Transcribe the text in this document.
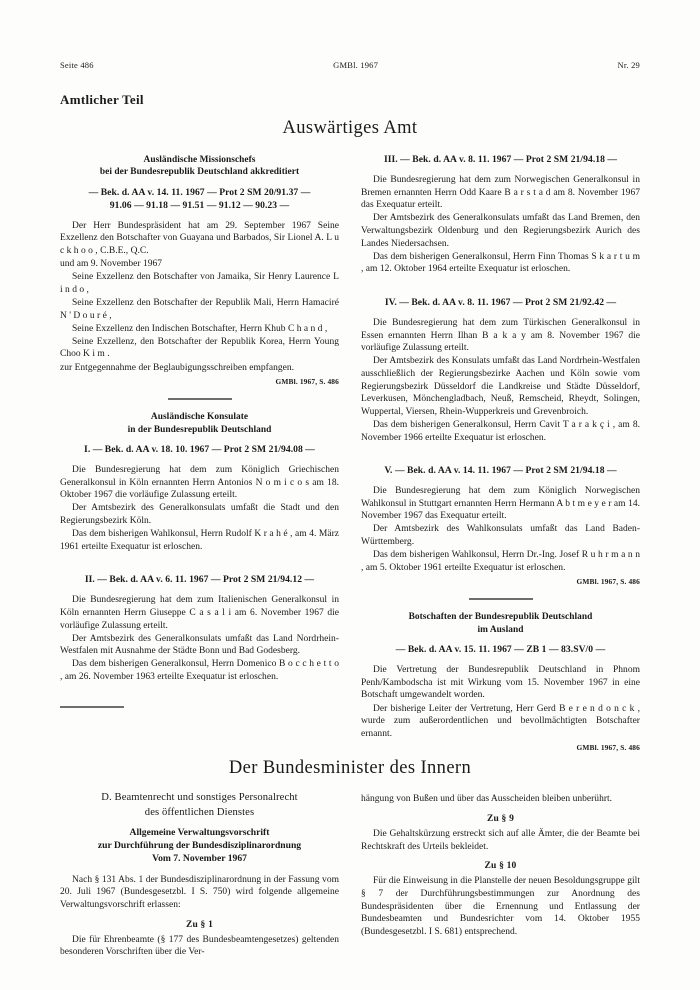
Seite 486	GMBl. 1967	Nr. 29
Amtlicher Teil
Auswärtiges Amt
Ausländische Missionschefs
bei der Bundesrepublik Deutschland akkreditiert
— Bek. d. AA v. 14. 11. 1967 — Prot 2 SM 20/91.37 —
91.06 — 91.18 — 91.51 — 91.12 — 90.23 —

Der Herr Bundespräsident hat am 29. September 1967 Seine Exzellenz den Botschafter von Guayana und Barbados, Sir Lionel A. L u c k h o o , C.B.E., Q.C.

und am 9. November 1967

Seine Exzellenz den Botschafter von Jamaika, Sir Henry Laurence L i n d o ,

Seine Exzellenz den Botschafter der Republik Mali, Herrn Hamaciré N ' D o u r é ,

Seine Exzellenz den Indischen Botschafter, Herrn Khub C h a n d ,

Seine Exzellenz, den Botschafter der Republik Korea, Herrn Young Choo K i m .

zur Entgegennahme der Beglaubigungsschreiben empfangen.

GMBl. 1967, S. 486
Ausländische Konsulate
in der Bundesrepublik Deutschland
I. — Bek. d. AA v. 18. 10. 1967 — Prot 2 SM 21/94.08 —

Die Bundesregierung hat dem zum Königlich Griechischen Generalkonsul in Köln ernannten Herrn Antonios N o m i c o s am 18. Oktober 1967 die vorläufige Zulassung erteilt.

Der Amtsbezirk des Generalkonsulats umfaßt die Stadt und den Regierungsbezirk Köln.

Das dem bisherigen Wahlkonsul, Herrn Rudolf K r a h é , am 4. März 1961 erteilte Exequatur ist erloschen.

II. — Bek. d. AA v. 6. 11. 1967 — Prot 2 SM 21/94.12 —

Die Bundesregierung hat dem zum Italienischen Generalkonsul in Köln ernannten Herrn Giuseppe C a s a l i am 6. November 1967 die vorläufige Zulassung erteilt.

Der Amtsbezirk des Generalkonsulats umfaßt das Land Nordrhein-Westfalen mit Ausnahme der Städte Bonn und Bad Godesberg.

Das dem bisherigen Generalkonsul, Herrn Domenico B o c c h e t t o , am 26. November 1963 erteilte Exequatur ist erloschen.

III. — Bek. d. AA v. 8. 11. 1967 — Prot 2 SM 21/94.18 —

Die Bundesregierung hat dem zum Norwegischen Generalkonsul in Bremen ernannten Herrn Odd Kaare B a r s t a d am 8. November 1967 das Exequatur erteilt.

Der Amtsbezirk des Generalkonsulats umfaßt das Land Bremen, den Verwaltungsbezirk Oldenburg und den Regierungsbezirk Aurich des Landes Niedersachsen.

Das dem bisherigen Generalkonsul, Herrn Finn Thomas S k a r t u m , am 12. Oktober 1964 erteilte Exequatur ist erloschen.

IV. — Bek. d. AA v. 8. 11. 1967 — Prot 2 SM 21/92.42 —

Die Bundesregierung hat dem zum Türkischen Generalkonsul in Essen ernannten Herrn Ilhan B a k a y am 8. November 1967 die vorläufige Zulassung erteilt.

Der Amtsbezirk des Konsulats umfaßt das Land Nordrhein-Westfalen ausschließlich der Regierungsbezirke Aachen und Köln sowie vom Regierungsbezirk Düsseldorf die Landkreise und Städte Düsseldorf, Leverkusen, Mönchengladbach, Neuß, Remscheid, Rheydt, Solingen, Wuppertal, Viersen, Rhein-Wupperkreis und Grevenbroich.

Das dem bisherigen Generalkonsul, Herrn Cavit T a r a k ç i , am 8. November 1966 erteilte Exequatur ist erloschen.

V. — Bek. d. AA v. 14. 11. 1967 — Prot 2 SM 21/94.18 —

Die Bundesregierung hat dem zum Königlich Norwegischen Wahlkonsul in Stuttgart ernannten Herrn Hermann A b t m e y e r am 14. November 1967 das Exequatur erteilt.

Der Amtsbezirk des Wahlkonsulats umfaßt das Land Baden-Württemberg.

Das dem bisherigen Wahlkonsul, Herrn Dr.-Ing. Josef R u h r m a n n , am 5. Oktober 1961 erteilte Exequatur ist erloschen.

GMBl. 1967, S. 486
Botschaften der Bundesrepublik Deutschland
im Ausland
— Bek. d. AA v. 15. 11. 1967 — ZB 1 — 83.SV/0 —

Die Vertretung der Bundesrepublik Deutschland in Phnom Penh/Kambodscha ist mit Wirkung vom 15. November 1967 in eine Botschaft umgewandelt worden.

Der bisherige Leiter der Vertretung, Herr Gerd B e r e n d o n c k , wurde zum außerordentlichen und bevollmächtigten Botschafter ernannt.

GMBl. 1967, S. 486
Der Bundesminister des Innern
D. Beamtenrecht und sonstiges Personalrecht
des öffentlichen Dienstes
Allgemeine Verwaltungsvorschrift
zur Durchführung der Bundesdisziplinarordnung
Vom 7. November 1967

Nach § 131 Abs. 1 der Bundesdisziplinarordnung in der Fassung vom 20. Juli 1967 (Bundesgesetzbl. I S. 750) wird folgende allgemeine Verwaltungsvorschrift erlassen:

Zu § 1

Die für Ehrenbeamte (§ 177 des Bundesbeamtengesetzes) geltenden besonderen Vorschriften über die Ver-

hängung von Bußen und über das Ausscheiden bleiben unberührt.

Zu § 9

Die Gehaltskürzung erstreckt sich auf alle Ämter, die der Beamte bei Rechtskraft des Urteils bekleidet.

Zu § 10

Für die Einweisung in die Planstelle der neuen Besoldungsgruppe gilt § 7 der Durchführungsbestimmungen zur Anordnung des Bundespräsidenten über die Ernennung und Entlassung der Bundesbeamten und Bundesrichter vom 14. Oktober 1955 (Bundesgesetzbl. I S. 681) entsprechend.
